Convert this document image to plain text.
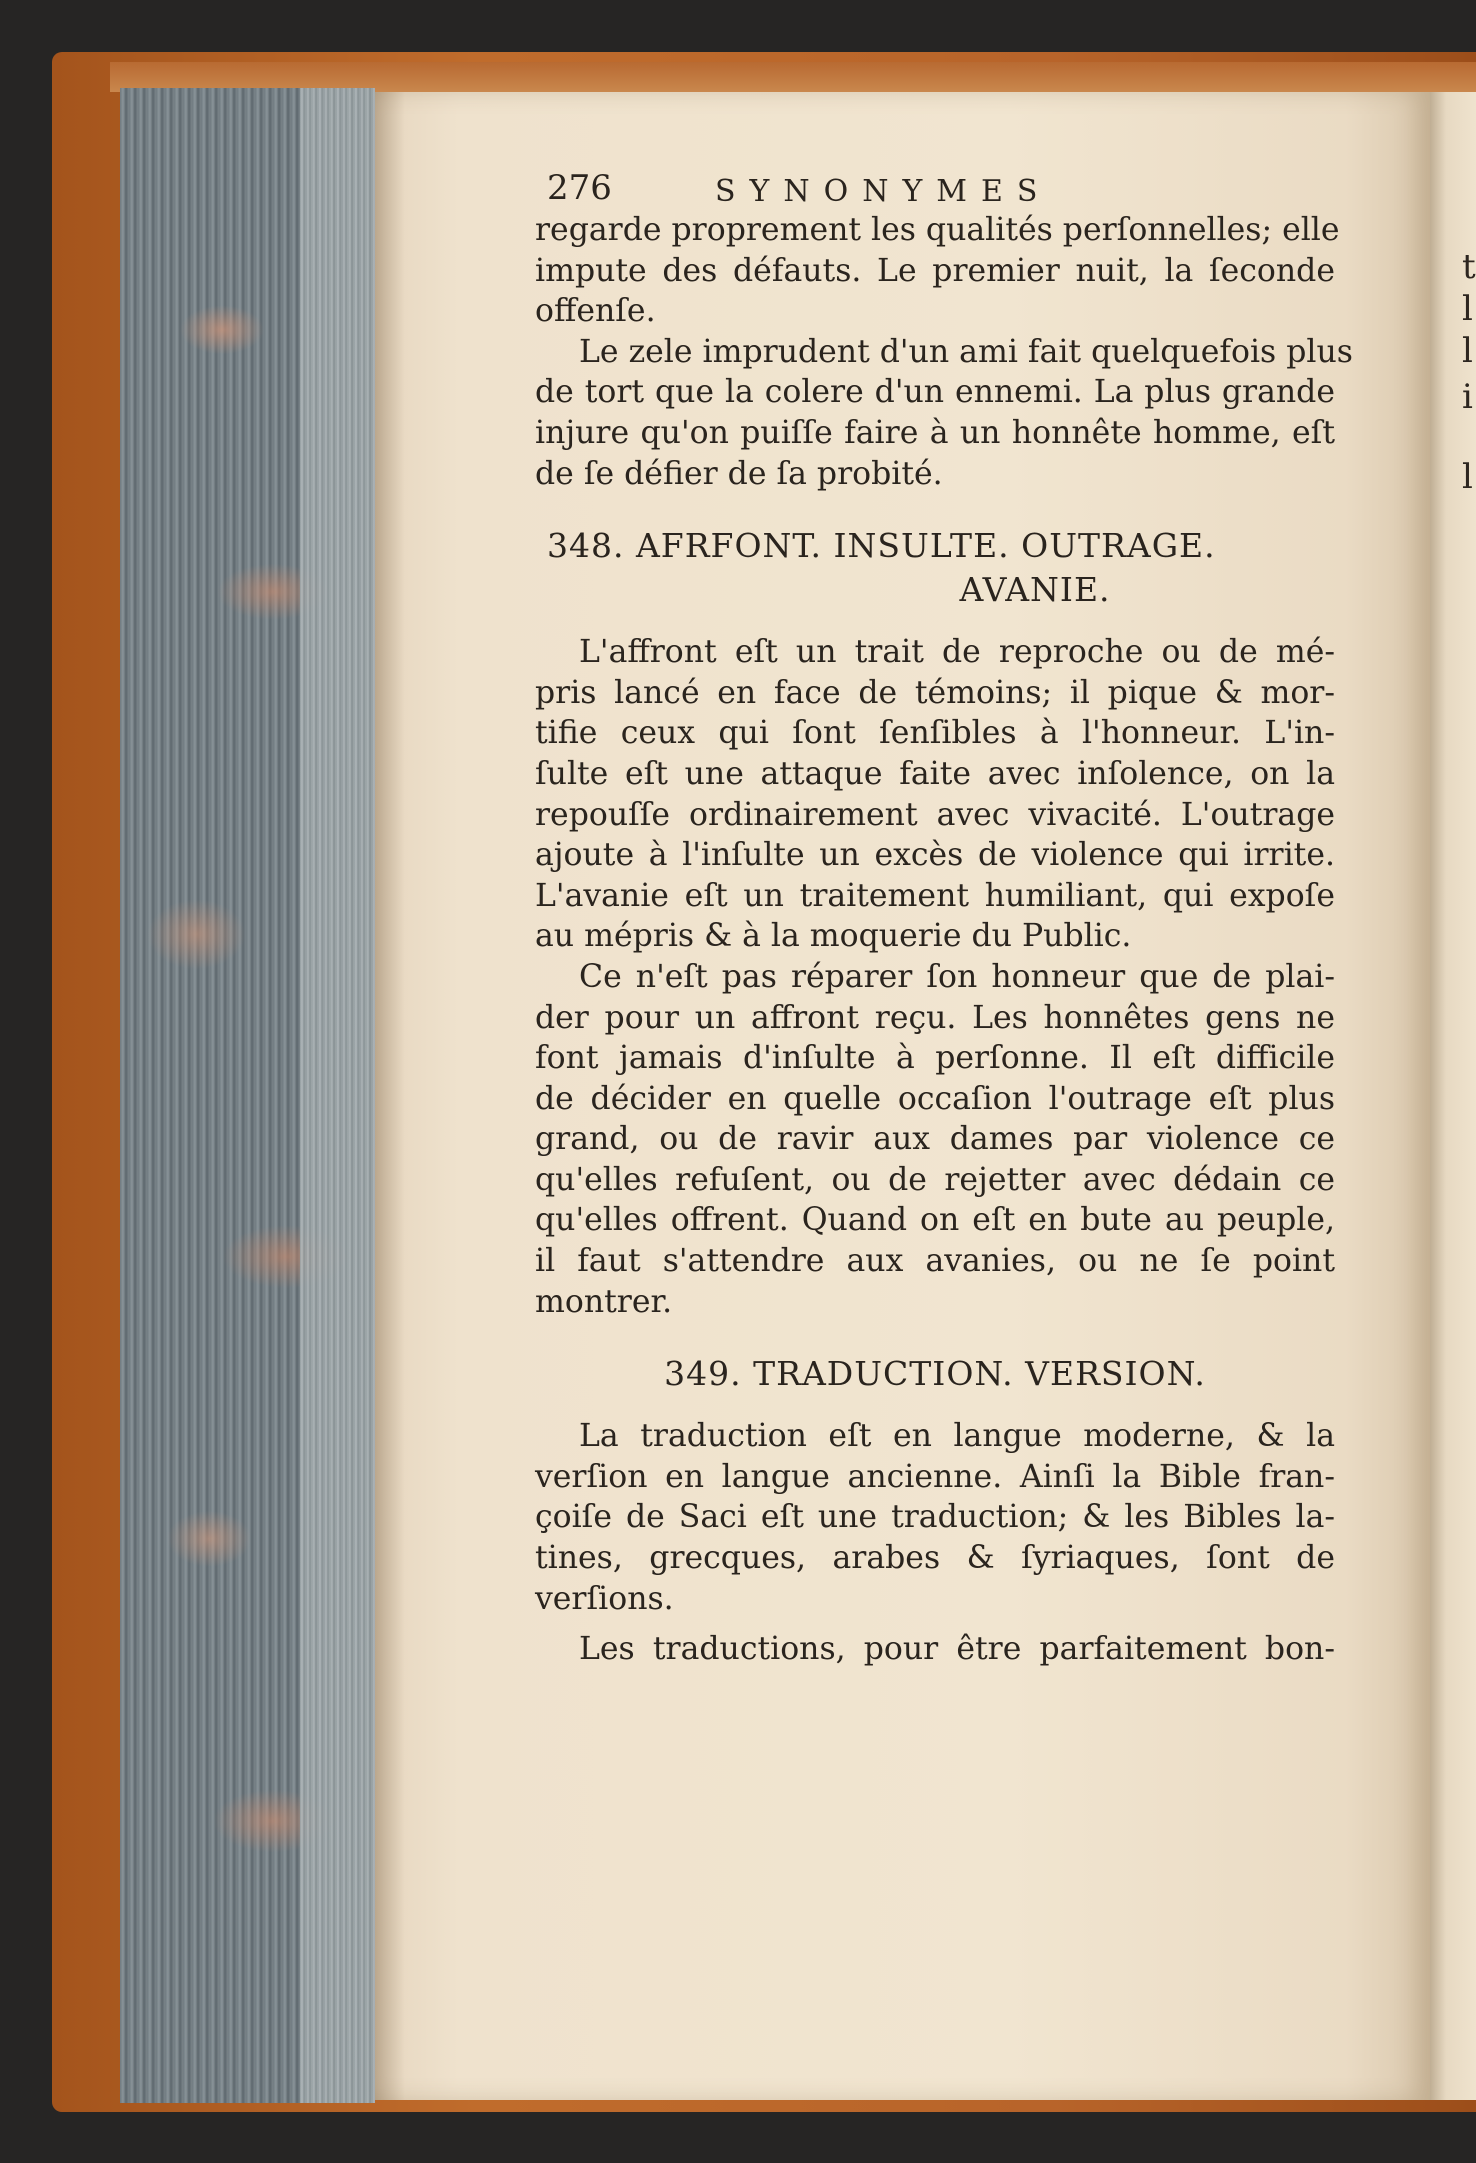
t
l
l
i
l
276	SYNONYMES

regarde proprement les qualités perſonnelles; elle
impute des défauts. Le premier nuit, la ſeconde
offenſe.

Le zele imprudent d'un ami fait quelquefois plus
de tort que la colere d'un ennemi. La plus grande
injure qu'on puiſſe faire à un honnête homme, eſt
de ſe défier de ſa probité.

348. AFRFONT. INSULTE. OUTRAGE.
AVANIE.

L'affront eſt un trait de reproche ou de mé-
pris lancé en face de témoins; il pique & mor-
tifie ceux qui ſont ſenſibles à l'honneur. L'in-
ſulte eſt une attaque faite avec inſolence, on la
repouſſe ordinairement avec vivacité. L'outrage
ajoute à l'inſulte un excès de violence qui irrite.
L'avanie eſt un traitement humiliant, qui expoſe
au mépris & à la moquerie du Public.

Ce n'eſt pas réparer ſon honneur que de plai-
der pour un affront reçu. Les honnêtes gens ne
font jamais d'inſulte à perſonne. Il eſt difficile
de décider en quelle occaſion l'outrage eſt plus
grand, ou de ravir aux dames par violence ce
qu'elles refuſent, ou de rejetter avec dédain ce
qu'elles offrent. Quand on eſt en bute au peuple,
il faut s'attendre aux avanies, ou ne ſe point
montrer.

349. TRADUCTION. VERSION.

La traduction eſt en langue moderne, & la
verſion en langue ancienne. Ainſi la Bible fran-
çoiſe de Saci eſt une traduction; & les Bibles la-
tines, grecques, arabes & ſyriaques, ſont de
verſions.

Les traductions, pour être parfaitement bon-
